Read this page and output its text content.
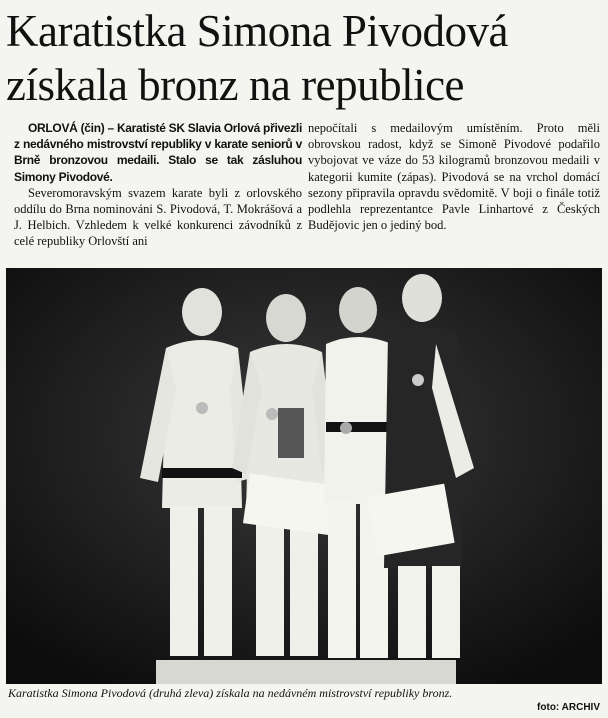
Karatistka Simona Pivodová
získala bronz na republice

ORLOVÁ (čin) – Karatisté SK Slavia Orlová přivezli z nedávného mistrovství republiky v karate seniorů v Brně bronzovou medaili. Stalo se tak zásluhou Simony Pivodové.

Severomoravským svazem karate byli z orlovského oddílu do Brna nominováni S. Pivodová, T. Mokrášová a J. Helbich. Vzhledem k velké konkurenci závodníků z celé republiky Orlovští ani

nepočítali s medailovým umístěním. Proto měli obrovskou radost, když se Simoně Pivodové podařilo vybojovat ve váze do 53 kilogramů bronzovou medaili v kategorii kumite (zápas). Pivodová se na vrchol domácí sezony připravila opravdu svědomitě. V boji o finále totiž podlehla reprezentantce Pavle Linhartové z Českých Budějovic jen o jediný bod.

Karatistka Simona Pivodová (druhá zleva) získala na nedávném mistrovství republiky bronz.
foto: ARCHIV
